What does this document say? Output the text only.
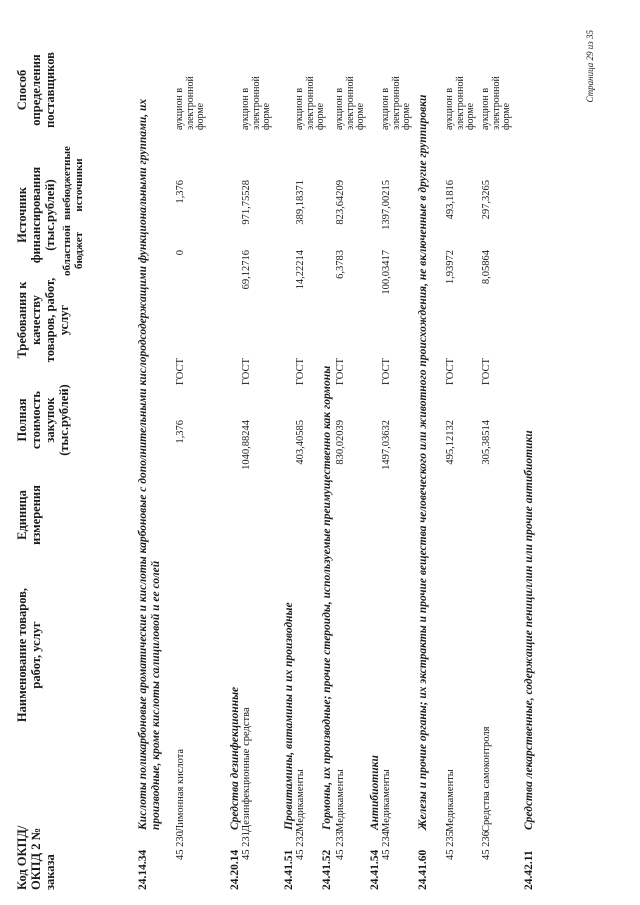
Код ОКПД/ ОКПД 2 № заказа
Наименование товаров, работ, услуг
Единица измерения
Полная стоимость закупок (тыс.рублей)
Требования к качеству товаров, работ, услуг
Источник финансирования (тыс.рублей) областной бюджет
внебюджетные источники
Способ определения поставщиков
24.14.34
Кислоты поликарбоновые ароматические и кислоты карбоновые с дополнительными кислородсодержащими функциональными группами, их производные, кроме кислоты салициловой и ее солей
45 230
Лимонная кислота
1,376
ГОСТ
0
1,376
аукцион в электронной форме
24.20.14
Средства дезинфекционные
45 231
Дезинфекционные средства
1040,88244
ГОСТ
69,12716
971,75528
аукцион в электронной форме
24.41.51
Провитамины, витамины и их производные
45 232
Медикаменты
403,40585
ГОСТ
14,22214
389,18371
аукцион в электронной форме
24.41.52
Гормоны, их производные; прочие стероиды, используемые преимущественно как гормоны
45 233
Медикаменты
830,02039
ГОСТ
6,3783
823,64209
аукцион в электронной форме
24.41.54
Антибиотики
45 234
Медикаменты
1497,03632
ГОСТ
100,03417
1397,00215
аукцион в электронной форме
24.41.60
Железы и прочие органы; их экстракты и прочие вещества человеческого или животного происхождения, не включенные в другие группировки
45 235
Медикаменты
495,12132
ГОСТ
1,93972
493,1816
аукцион в электронной форме
45 236
Средства самоконтроля
305,38514
ГОСТ
8,05864
297,3265
аукцион в электронной форме
24.42.11
Средства лекарственные, содержащие пенициллин или прочие антибиотики
Страница 29 из 35
